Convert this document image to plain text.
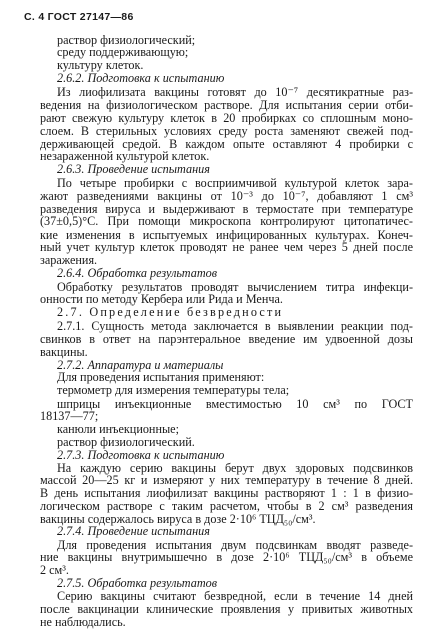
С. 4 ГОСТ 27147—86
раствор физиологический;
среду поддерживающую;
культуру клеток.
2.6.2. Подготовка к испытанию
Из лиофилизата вакцины готовят до 10⁻⁷ десятикратные раз-
ведения на физиологическом растворе. Для испытания серии отби-
рают свежую культуру клеток в 20 пробирках со сплошным моно-
слоем. В стерильных условиях среду роста заменяют свежей под-
держивающей средой. В каждом опыте оставляют 4 пробирки с
незараженной культурой клеток.
2.6.3. Проведение испытания
По четыре пробирки с восприимчивой культурой клеток зара-
жают разведениями вакцины от 10⁻³ до 10⁻⁷, добавляют 1 см³
разведения вируса и выдерживают в термостате при температуре
(37±0,5)°С. При помощи микроскопа контролируют цитопатичес-
кие изменения в испытуемых инфицированных культурах. Конеч-
ный учет культур клеток проводят не ранее чем через 5 дней после
заражения.
2.6.4. Обработка результатов
Обработку результатов проводят вычислением титра инфекци-
онности по методу Кербера или Рида и Менча.
2.7. Определение безвредности
2.7.1. Сущность метода заключается в выявлении реакции под-
свинков в ответ на парэнтеральное введение им удвоенной дозы
вакцины.
2.7.2. Аппаратура и материалы
Для проведения испытания применяют:
термометр для измерения температуры тела;
шприцы инъекционные вместимостью 10 см³ по ГОСТ
18137—77;
канюли инъекционные;
раствор физиологический.
2.7.3. Подготовка к испытанию
На каждую серию вакцины берут двух здоровых подсвинков
массой 20—25 кг и измеряют у них температуру в течение 8 дней.
В день испытания лиофилизат вакцины растворяют 1 : 1 в физио-
логическом растворе с таким расчетом, чтобы в 2 см³ разведения
вакцины содержалось вируса в дозе 2·10⁶ ТЦД₅₀/см³.
2.7.4. Проведение испытания
Для проведения испытания двум подсвинкам вводят разведе-
ние вакцины внутримышечно в дозе 2·10⁶ ТЦД₅₀/см³ в объеме
2 см³.
2.7.5. Обработка результатов
Серию вакцины считают безвредной, если в течение 14 дней
после вакцинации клинические проявления у привитых животных
не наблюдались.
